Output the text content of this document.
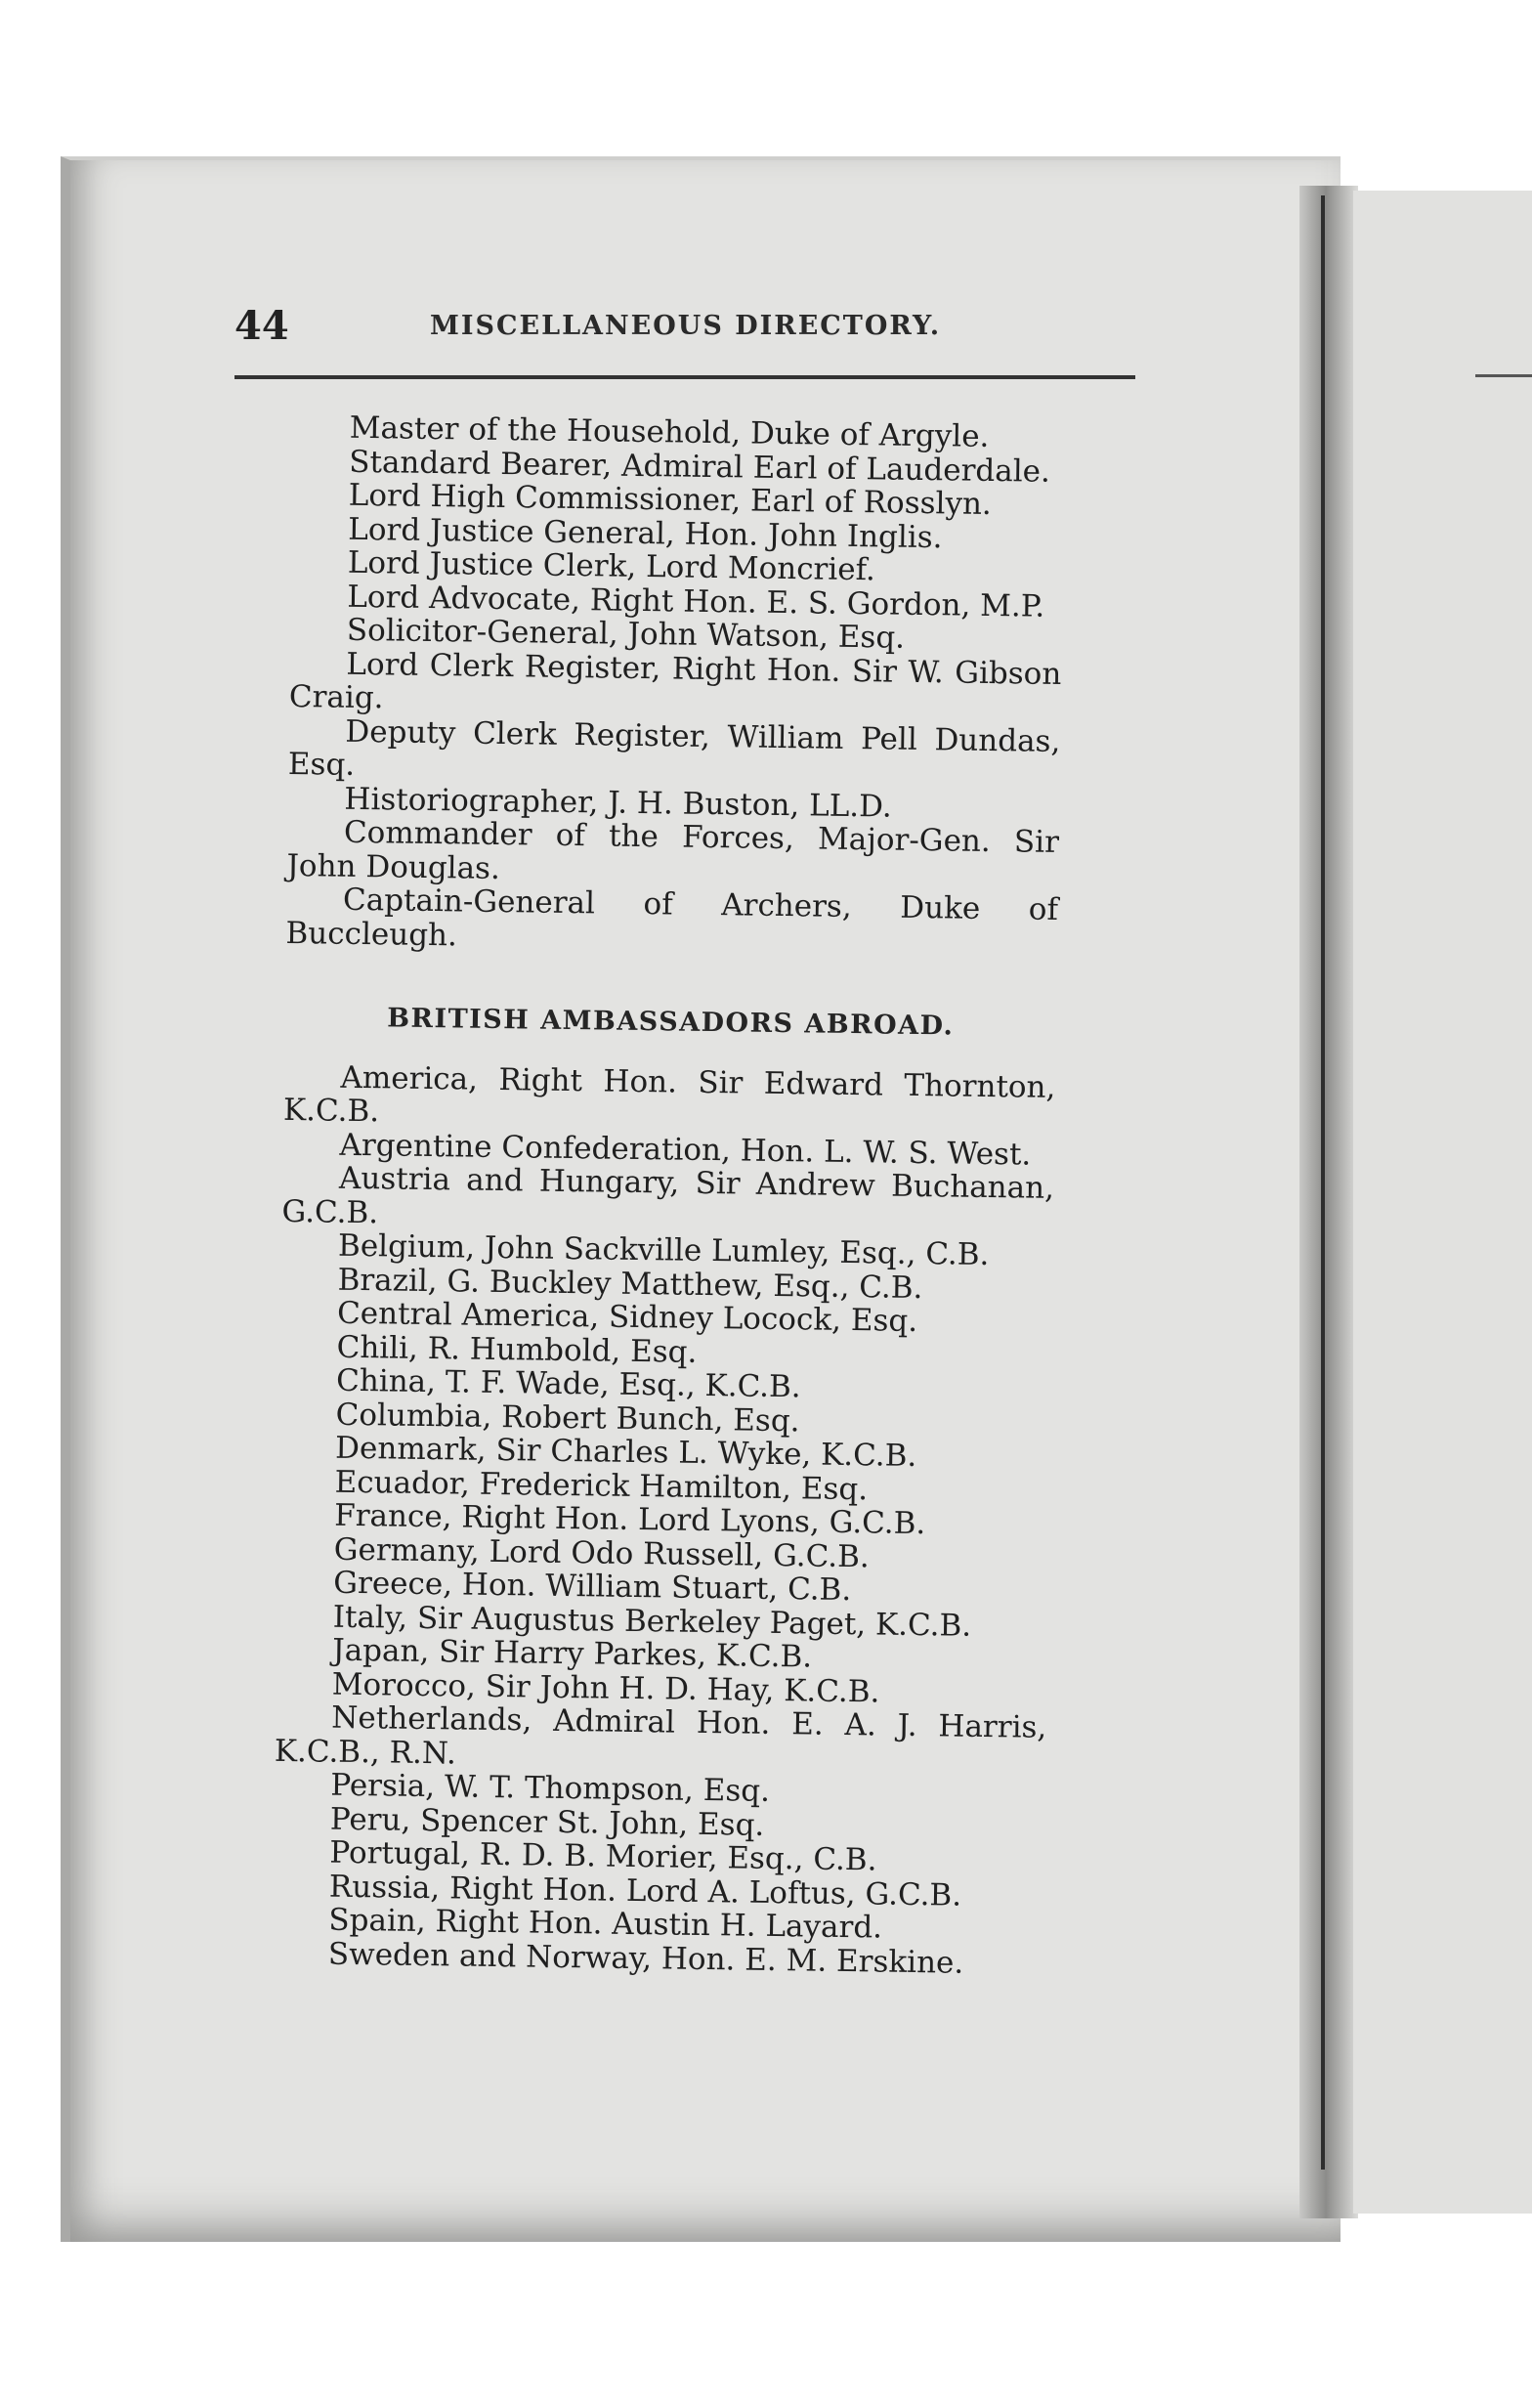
44	MISCELLANEOUS DIRECTORY.
Master of the Household, Duke of Argyle.
Standard Bearer, Admiral Earl of Lauderdale.
Lord High Commissioner, Earl of Rosslyn.
Lord Justice General, Hon. John Inglis.
Lord Justice Clerk, Lord Moncrief.
Lord Advocate, Right Hon. E. S. Gordon, M.P.
Solicitor-General, John Watson, Esq.
Lord Clerk Register, Right Hon. Sir W. Gibson Craig.
Deputy Clerk Register, William Pell Dundas, Esq.
Historiographer, J. H. Buston, LL.D.
Commander of the Forces, Major-Gen. Sir John Douglas.
Captain-General of Archers, Duke of Buccleugh.
BRITISH AMBASSADORS ABROAD.
America, Right Hon. Sir Edward Thornton, K.C.B.
Argentine Confederation, Hon. L. W. S. West.
Austria and Hungary, Sir Andrew Buchanan, G.C.B.
Belgium, John Sackville Lumley, Esq., C.B.
Brazil, G. Buckley Matthew, Esq., C.B.
Central America, Sidney Locock, Esq.
Chili, R. Humbold, Esq.
China, T. F. Wade, Esq., K.C.B.
Columbia, Robert Bunch, Esq.
Denmark, Sir Charles L. Wyke, K.C.B.
Ecuador, Frederick Hamilton, Esq.
France, Right Hon. Lord Lyons, G.C.B.
Germany, Lord Odo Russell, G.C.B.
Greece, Hon. William Stuart, C.B.
Italy, Sir Augustus Berkeley Paget, K.C.B.
Japan, Sir Harry Parkes, K.C.B.
Morocco, Sir John H. D. Hay, K.C.B.
Netherlands, Admiral Hon. E. A. J. Harris, K.C.B., R.N.
Persia, W. T. Thompson, Esq.
Peru, Spencer St. John, Esq.
Portugal, R. D. B. Morier, Esq., C.B.
Russia, Right Hon. Lord A. Loftus, G.C.B.
Spain, Right Hon. Austin H. Layard.
Sweden and Norway, Hon. E. M. Erskine.
